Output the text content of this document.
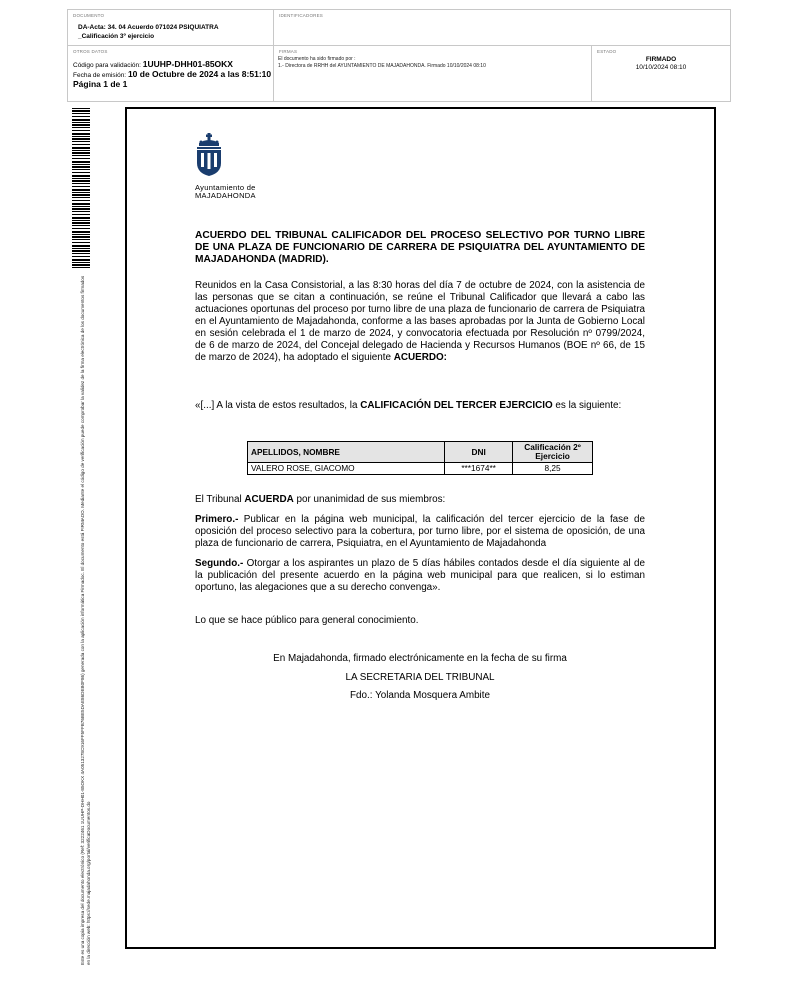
DOCUMENTO
DA-Acta: 34. 04 Acuerdo 071024 PSIQUIATRA
_Calificación 3º ejercicio
IDENTIFICADORES
OTROS DATOS
Código para validación: 1UUHP-DHH01-85OKX
Fecha de emisión: 10 de Octubre de 2024 a las 8:51:10
Página 1 de 1
FIRMAS
El documento ha sido firmado por :
1.- Directora de RRHH del AYUNTAMIENTO DE MAJADAHONDA. Firmado 10/10/2024 08:10
ESTADO
FIRMADO
10/10/2024 08:10
Este es una copia impresa del documento electrónico (Ref: 3222461 1UUHP-DHH01-85OKX 4A0513278C916FF5FFB76BE5DAE86DEB0F86) generada con la aplicación informática Firmadoc. El documento está FIRMADO. Mediante el código de verificación puede comprobar la validez de la firma electrónica de los documentos firmados en la dirección web: https://sede.majadahonda.org/portal/verificaDocumentos.do
Ayuntamiento de
MAJADAHONDA
ACUERDO DEL TRIBUNAL CALIFICADOR DEL PROCESO SELECTIVO POR TURNO LIBRE DE UNA PLAZA DE FUNCIONARIO DE CARRERA DE PSIQUIATRA DEL AYUNTAMIENTO DE MAJADAHONDA (MADRID).
Reunidos en la Casa Consistorial, a las 8:30 horas del día 7 de octubre de 2024, con la asistencia de las personas que se citan a continuación, se reúne el Tribunal Calificador que llevará a cabo las actuaciones oportunas del proceso por turno libre de una plaza de funcionario de carrera de Psiquiatra en el Ayuntamiento de Majadahonda, conforme a las bases aprobadas por la Junta de Gobierno Local en sesión celebrada el 1 de marzo de 2024, y convocatoria efectuada por Resolución nº 0799/2024, de 6 de marzo de 2024, del Concejal delegado de Hacienda y Recursos Humanos (BOE nº 66, de 15 de marzo de 2024), ha adoptado el siguiente ACUERDO:
«[...] A la vista de estos resultados, la CALIFICACIÓN DEL TERCER EJERCICIO es la siguiente:
APELLIDOS, NOMBRE	DNI	Calificación 2º Ejercicio
VALERO ROSE, GIACOMO	***1674**	8,25
El Tribunal ACUERDA por unanimidad de sus miembros:
Primero.- Publicar en la página web municipal, la calificación del tercer ejercicio de la fase de oposición del proceso selectivo para la cobertura, por turno libre, por el sistema de oposición, de una plaza de funcionario de carrera, Psiquiatra, en el Ayuntamiento de Majadahonda
Segundo.- Otorgar a los aspirantes un plazo de 5 días hábiles contados desde el día siguiente al de la publicación del presente acuerdo en la página web municipal para que realicen, si lo estiman oportuno, las alegaciones que a su derecho convenga».
Lo que se hace público para general conocimiento.
En Majadahonda, firmado electrónicamente en la fecha de su firma
LA SECRETARIA DEL TRIBUNAL
Fdo.: Yolanda Mosquera Ambite
